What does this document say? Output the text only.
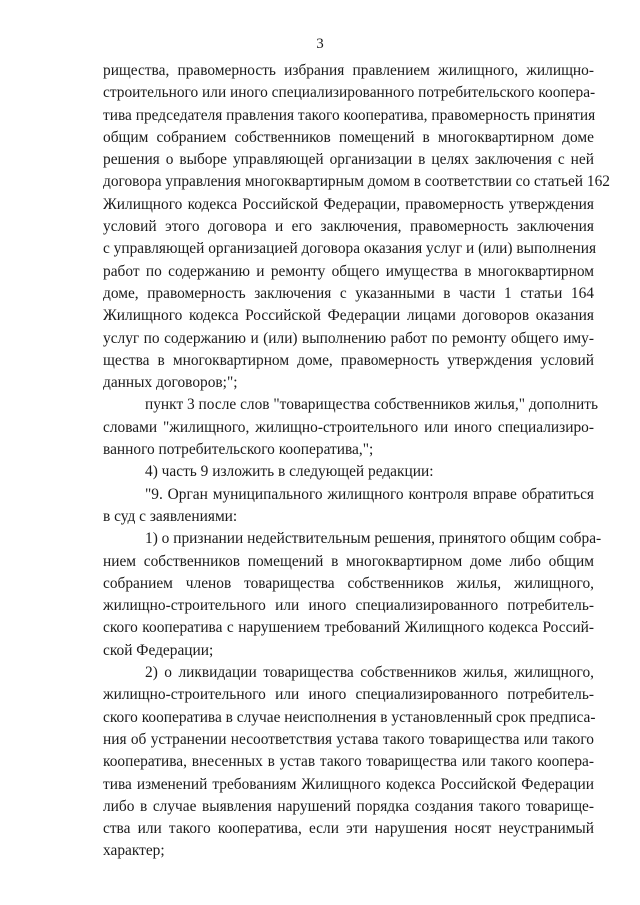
3
рищества, правомерность избрания правлением жилищного, жилищно-
строительного или иного специализированного потребительского коопера-
тива председателя правления такого кооператива, правомерность принятия
общим собранием собственников помещений в многоквартирном доме
решения о выборе управляющей организации в целях заключения с ней
договора управления многоквартирным домом в соответствии со статьей 162
Жилищного кодекса Российской Федерации, правомерность утверждения
условий этого договора и его заключения, правомерность заключения
с управляющей организацией договора оказания услуг и (или) выполнения
работ по содержанию и ремонту общего имущества в многоквартирном
доме, правомерность заключения с указанными в части 1 статьи 164
Жилищного кодекса Российской Федерации лицами договоров оказания
услуг по содержанию и (или) выполнению работ по ремонту общего иму-
щества в многоквартирном доме, правомерность утверждения условий
данных договоров;";
пункт 3 после слов "товарищества собственников жилья," дополнить
словами "жилищного, жилищно-строительного или иного специализиро-
ванного потребительского кооператива,";
4) часть 9 изложить в следующей редакции:
"9. Орган муниципального жилищного контроля вправе обратиться
в суд с заявлениями:
1) о признании недействительным решения, принятого общим собра-
нием собственников помещений в многоквартирном доме либо общим
собранием членов товарищества собственников жилья, жилищного,
жилищно-строительного или иного специализированного потребитель-
ского кооператива с нарушением требований Жилищного кодекса Россий-
ской Федерации;
2) о ликвидации товарищества собственников жилья, жилищного,
жилищно-строительного или иного специализированного потребитель-
ского кооператива в случае неисполнения в установленный срок предписа-
ния об устранении несоответствия устава такого товарищества или такого
кооператива, внесенных в устав такого товарищества или такого коопера-
тива изменений требованиям Жилищного кодекса Российской Федерации
либо в случае выявления нарушений порядка создания такого товарище-
ства или такого кооператива, если эти нарушения носят неустранимый
характер;
